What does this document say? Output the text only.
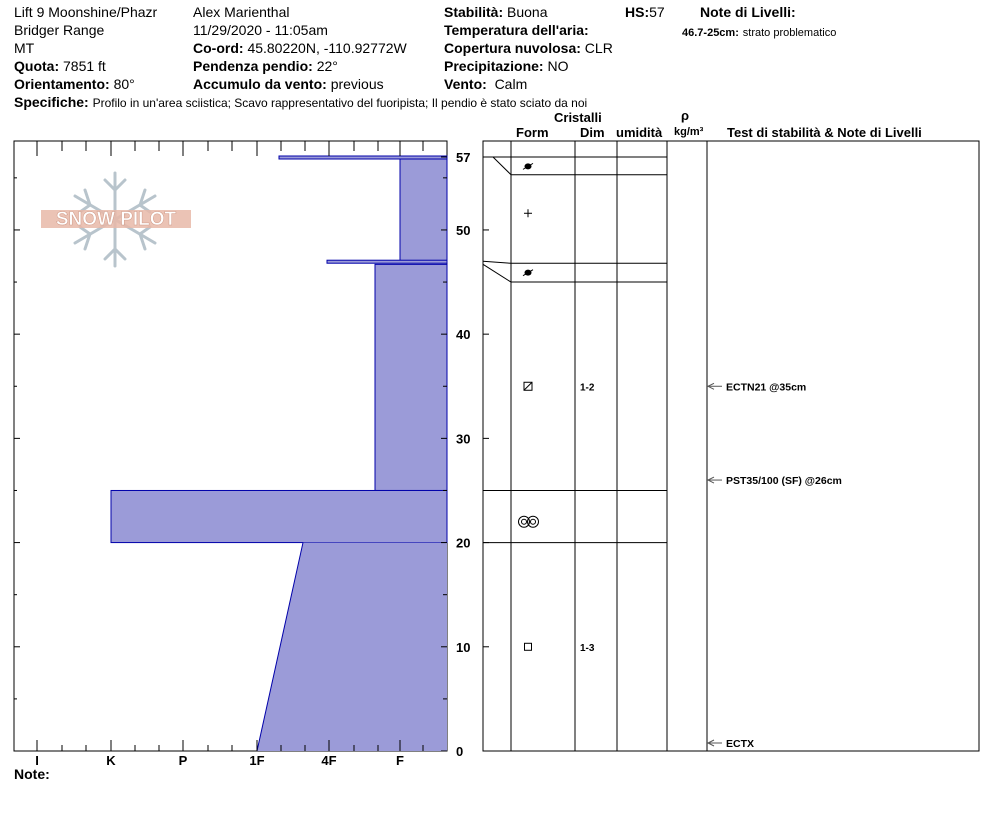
Lift 9 Moonshine/Phazr
Bridger Range
MT
Quota: 7851 ft
Orientamento: 80°
Alex Marienthal
11/29/2020 - 11:05am
Co-ord: 45.80220N, -110.92772W
Pendenza pendio: 22°
Accumulo da vento: previous
Stabilità: Buona
Temperatura dell'aria:
Copertura nuvolosa: CLR
Precipitazione: NO
Vento: Calm
HS:57	Note di Livelli:
46.7-25cm: strato problematico
Specifiche: Profilo in un'area sciistica; Scavo rappresentativo del fuoripista; Il pendio è stato sciato da noi
Note:
Cristalli
Form Dim umidità
ρ
kg/m³ Test di stabilità & Note di Livelli
SNOW PILOT
0
10
20
30
40
50
57
I	K	P	1F	4F	F
1-2
1-3
ECTN21 @35cm
PST35/100 (SF) @26cm
ECTX
